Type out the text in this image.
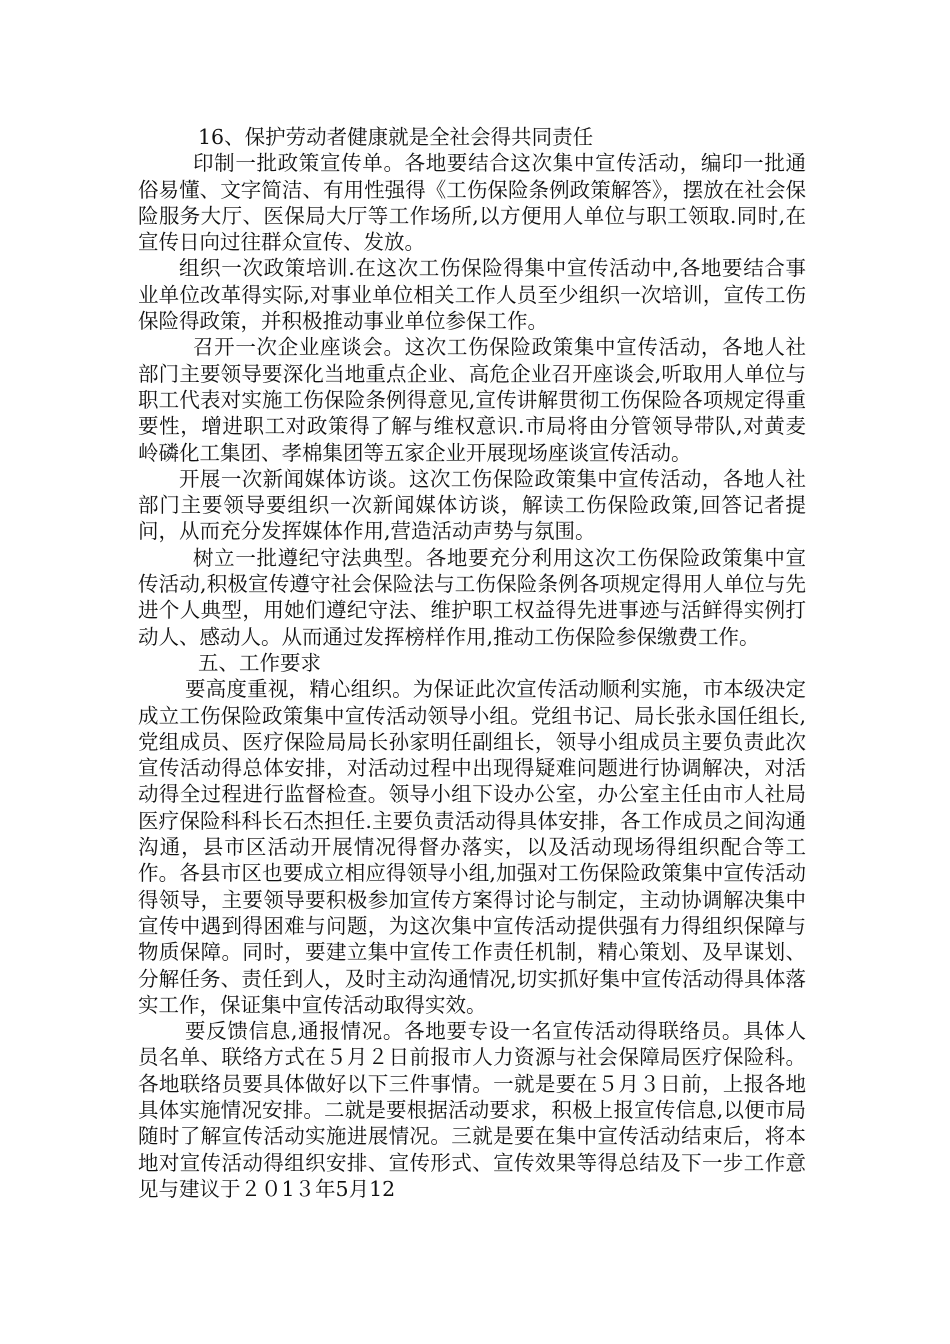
16、保护劳动者健康就是全社会得共同责任

印制一批政策宣传单。各地要结合这次集中宣传活动，编印一批通俗易懂、文字简洁、有用性强得《工伤保险条例政策解答》，摆放在社会保险服务大厅、医保局大厅等工作场所,以方便用人单位与职工领取.同时,在宣传日向过往群众宣传、发放。

组织一次政策培训.在这次工伤保险得集中宣传活动中,各地要结合事业单位改革得实际,对事业单位相关工作人员至少组织一次培训，宣传工伤保险得政策，并积极推动事业单位参保工作。

召开一次企业座谈会。这次工伤保险政策集中宣传活动，各地人社部门主要领导要深化当地重点企业、高危企业召开座谈会,听取用人单位与职工代表对实施工伤保险条例得意见,宣传讲解贯彻工伤保险各项规定得重要性，增进职工对政策得了解与维权意识.市局将由分管领导带队,对黄麦岭磷化工集团、孝棉集团等五家企业开展现场座谈宣传活动。

开展一次新闻媒体访谈。这次工伤保险政策集中宣传活动，各地人社部门主要领导要组织一次新闻媒体访谈，解读工伤保险政策,回答记者提问，从而充分发挥媒体作用,营造活动声势与氛围。

树立一批遵纪守法典型。各地要充分利用这次工伤保险政策集中宣传活动,积极宣传遵守社会保险法与工伤保险条例各项规定得用人单位与先进个人典型，用她们遵纪守法、维护职工权益得先进事迹与活鲜得实例打动人、感动人。从而通过发挥榜样作用,推动工伤保险参保缴费工作。

五、工作要求

要高度重视，精心组织。为保证此次宣传活动顺利实施，市本级决定成立工伤保险政策集中宣传活动领导小组。党组书记、局长张永国任组长,党组成员、医疗保险局局长孙家明任副组长，领导小组成员主要负责此次宣传活动得总体安排，对活动过程中出现得疑难问题进行协调解决，对活动得全过程进行监督检查。领导小组下设办公室，办公室主任由市人社局医疗保险科科长石杰担任.主要负责活动得具体安排，各工作成员之间沟通沟通，县市区活动开展情况得督办落实，以及活动现场得组织配合等工作。各县市区也要成立相应得领导小组,加强对工伤保险政策集中宣传活动得领导，主要领导要积极参加宣传方案得讨论与制定，主动协调解决集中宣传中遇到得困难与问题，为这次集中宣传活动提供强有力得组织保障与物质保障。同时，要建立集中宣传工作责任机制，精心策划、及早谋划、分解任务、责任到人，及时主动沟通情况,切实抓好集中宣传活动得具体落实工作，保证集中宣传活动取得实效。

要反馈信息,通报情况。各地要专设一名宣传活动得联络员。具体人员名单、联络方式在５月２日前报市人力资源与社会保障局医疗保险科。各地联络员要具体做好以下三件事情。一就是要在５月３日前，上报各地具体实施情况安排。二就是要根据活动要求，积极上报宣传信息,以便市局随时了解宣传活动实施进展情况。三就是要在集中宣传活动结束后，将本地对宣传活动得组织安排、宣传形式、宣传效果等得总结及下一步工作意见与建议于２０1３年5月12
